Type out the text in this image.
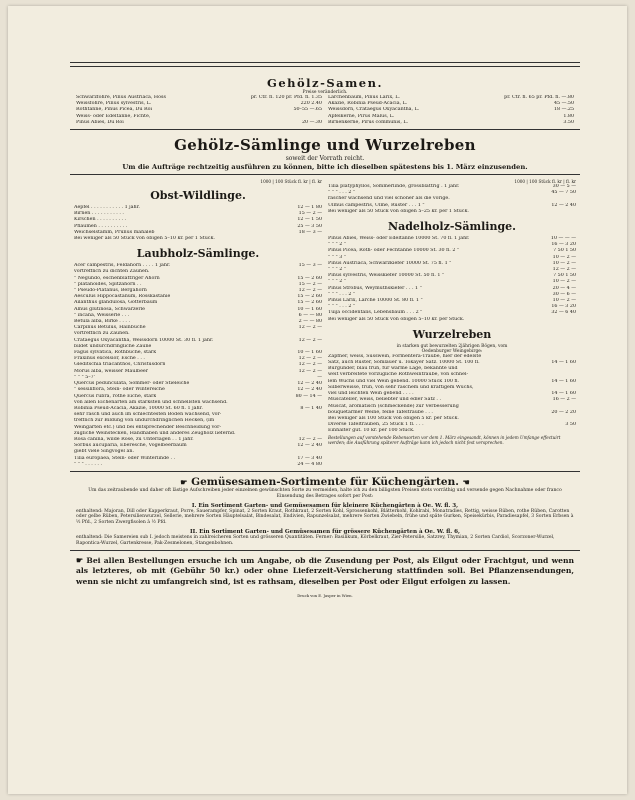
Gehölz-Samen.
Preise veränderlich.
Schwarzföhre, Pinus Austriaca, Höss	pr. Ctr. fl. 120 pr. Pfd. fl. 1.35
Weissföhre, Pinus sylvestris, L.	220 2.40
Rothtanne, Pinus Picea, Du Roi	50–55 —.65
Weiss- oder Edeltanne, Fichte,
Pinus Abies, Du Roi	20 —.30
Lärchenbaum, Pinus Larix, L.	pr. Ctr. fl. 65 pr. Pfd. fl. —.80
Akazie, Robinia Pseud-Acacia, L.	45 —.50
Weissdorn, Crataegus Oxyacantha, L.	18 —.25
Apfelkerne, Pirus Malus, L.	1.80
Birnenkerne, Pirus communis, L.	3.50
Gehölz-Sämlinge und Wurzelreben
soweit der Vorrath reicht.
Um die Aufträge rechtzeitig ausführen zu können, bitte ich dieselben spätestens bis 1. März einzusenden.
1000 | 100 Stück fl. kr | fl. kr
Obst-Wildlinge.
Aepfel . . . . . . . . . . . 1 jähr.	12 — 1 80
Birnen . . . . . . . . . . .	15 — 2 —
Kirschen . . . . . . . . . .	12 — 1 50
Pflaumen . . . . . . . . . .	25 — 3 50
Weichselstamm, Prunus mahaleb	18 — 3 —
Bei weniger als 50 Stück von obigen 5–10 kr. per 1 Stück.
Laubholz-Sämlinge.
Acer campestris, Feldahorn . . . . 1 jähr.	15 — 3 —
vortrefflich zu dichten Zäunen.
" Negundo, eschenblättriger Ahorn	15 — 2 60
" platanoides, Spitzahorn . .	15 — 2 —
" Pseudo-Platanus, Bergahorn	12 — 2 —
Aesculus Hippocastanum, Rosskastanie	15 — 2 60
Ailanthus glandulosa, Götterbaum	15 — 2 60
Alnus glutinosa, Schwarzerle	10 — 1 60
" incana, Weisserle . . .	6 — — 80
Betula alba, Birke . . . .	2 — — 80
Carpinus Betulus, Hainbuche	12 — 2 —
vortrefflich zu Zäunen.
Crataegus Oxyacantha, Weissdorn 10000 St. 30 fl. 1 jähr.	12 — 2 —
bildet undurchdringliche Zäune
Fagus sylvatica, Rothbuche, stark	10 — 1 60
Fraxinus excelsior, Esche . . .	12 — 2 —
Gleditschia triacanthos, Christusdorn	12 — 2 —
Morus alba, weisser Maulbeer	12 — 2 —
" " " 5–7'	—
Quercus pedunculata, Sommer- oder Stieleiche	12 — 2 40
" sessiliflora, Stein- oder Wintereiche	12 — 2 40
Quercus rubra, rothe Eiche, stark	80 — 14 —
von allen Eichenarten am stärksten und schnellsten wachsend.
Robinia Pseud-Acacia, Akazie, 10000 St. 60 fl. 1 jähr.	8 — 1 40
sehr rasch und auch im schlechtesten Boden wachsend, vor-
trefflich zur Bildung von undurchdringlichen Hecken, (im
Weingärten etc.) und bei entsprechender Beschneidung vor-
zügliche Weinstecken, Handhaben und anderes Zeugholz liefernd.
Rosa canina, wilde Rose, zu Unterlagen . . 1 jähr.	12 — 2 —
Sorbus aucuparia, Eberesche, Vogelbeerbaum	12 — 2 40
giebt viele Singvögel an.
Tilia europaea, Stein- oder Winterlinde . .	17 — 3 40
" " " . . . . . .	24 — 4 80
1000 | 100 Stück fl. kr | fl. kr
Tilia platyphyllos, Sommerlinde, grossblättrig . 1 jähr.	30 — 5 —
" " " . . . 2 "	45 — 7 50
rascher wachsend und viel schöner als die vorige.
Ulmus campestris, Ulme, Rüster . . . 1 "	12 — 2 40
Bei weniger als 50 Stück von obigen 5–25 kr. per 1 Stück.
Nadelholz-Sämlinge.
Pinus Abies, Weiss- oder Edeltanne 10000 St. 70 fl. 1 jähr.	10 — — —
" " " 2 "	16 — 3 20
Pinus Picea, Roth- oder Fechtanne 10000 St. 30 fl. 2 "	7 50 1 50
" " " 3 "	10 — 2 —
Pinus Austriaca, Schwarzkiefer 10000 St. 75 fl. 1 "	10 — 2 —
" " " 2 "	12 — 2 —
Pinus sylvestris, Weisskiefer 10000 St. 50 fl. 1 "	7 50 1 50
" " " 2 "	10 — 2 —
Pinus Strobus, Weymuthskiefer . . . 1 "	20 — 4 —
" " " . . . 2 "	30 — 6 —
Pinus Larix, Lärche 10000 St. 80 fl. 1 "	10 — 2 —
" " " . . . 2 "	16 — 3 20
Tuija occidentalis, Lebensbaum . . . 2 "	32 — 6 40
Bei weniger als 50 Stück von obigen 5–10 kr. per Stück.
Wurzelreben
in starken gut bewurzelten 2jährigen Bögen, vom
Oedenburger Weingebirge:
Zapfner, weiss, Süsswein, Formentera-Traube, hier der edelste
Satz, auch Ruster, Somlauer u. Tokayer Satz. 10000 St. 100 fl.	14 — 1 60
Burgunder, blau früh, für warme Lage, bekannte und
weit verbreitete vorzügliche Rothweintraube, von schnel-
lem Wuchs und viel Wein gebend. 10000 Stück 100 fl.	14 — 1 60
Silberweisse, früh, von sehr raschem und kräftigem Wuchs,
viel und leichten Wein gebend . . . .	14 — 1 60
Muscateller, weiss, beliebter und edler Satz . .	16 — 2 —
Muscat, aromatisch (schmeckende) zur Verbesserung
bouquetarmer Weine, feine Tafeltraube . . .	20 — 2 20
Bei weniger als 100 Stück von obigen 5 kr. per Stück.
Diverse Tafeltrauben, 25 Stück 1 fl. . . .	3 50
Einhalter gut. 10 kr. per 100 Stück.
Bestellungen auf vorstehende Rebensorten vor dem 1. März eingesandt, können in jedem Umfange effectuirt werden; die Ausführung späterer Aufträge kann ich jedoch nicht fest versprechen.
☛ Gemüsesamen-Sortimente für Küchengärten. ☚
Um das zeitraubende und daher oft lästige Aufschreiben jeder einzelnen gewünschten Sorte zu vermeiden, halte ich zu den billigsten Preisen stets vorräthig und versende gegen Nachnahme oder franco Einsendung des Betrages sofort per Post:
I. Ein Sortiment Garten- und Gemüsesamen für kleinere Küchengärten à Oe. W. fl. 3,
enthaltend: Majoran, Dill oder Kapperkraut, Porre, Sauerampfer, Spinat, 2 Sorten Kraut, Rothkraut, 2 Sorten Kohl, Sprossenkohl, Blätterkohl, Kohlrabi, Monatradies, Rettig, weisse Rüben, rothe Rüben, Carotten oder gelbe Rüben, Petersilienwurzel, Sellerie, mehrere Sorten Häuptelsalat, Bindesalat, Endivien, Rapunzelsalat, mehrere Sorten Zwiebeln, frühe und späte Gurken, Speisekürbis, Paradiesapfel, 3 Sorten Erbsen à ½ Pfd., 2 Sorten Zwergfisolen à ½ Pfd.
II. Ein Sortiment Garten- und Gemüsesamen für grössere Küchengärten à Oe. W. fl. 6,
enthaltend: Die Samereien sub I. jedoch meistens in zahlreicheren Sorten und grösseren Quantitäten. Ferner: Basilikum, Körbelkraut, Zier-Petersilie, Satzrey, Thymian, 2 Sorten Cardiol, Scorzoner-Wurzel, Rapontica-Wurzel, Gartenkresse, Pak-Zesmelonen, Stangenbohnen.
☛ Bei allen Bestellungen ersuche ich um Angabe, ob die Zusendung per Post, als Eilgut oder Frachtgut, und wenn als letzteres, ob mit (Gebühr 50 kr.) oder ohne Lieferzeit-Versicherung stattfinden soll. Bei Pflanzensendungen, wenn sie nicht zu umfangreich sind, ist es rathsam, dieselben per Post oder Eilgut erfolgen zu lassen.
Druck von E. Jasper in Wien.
